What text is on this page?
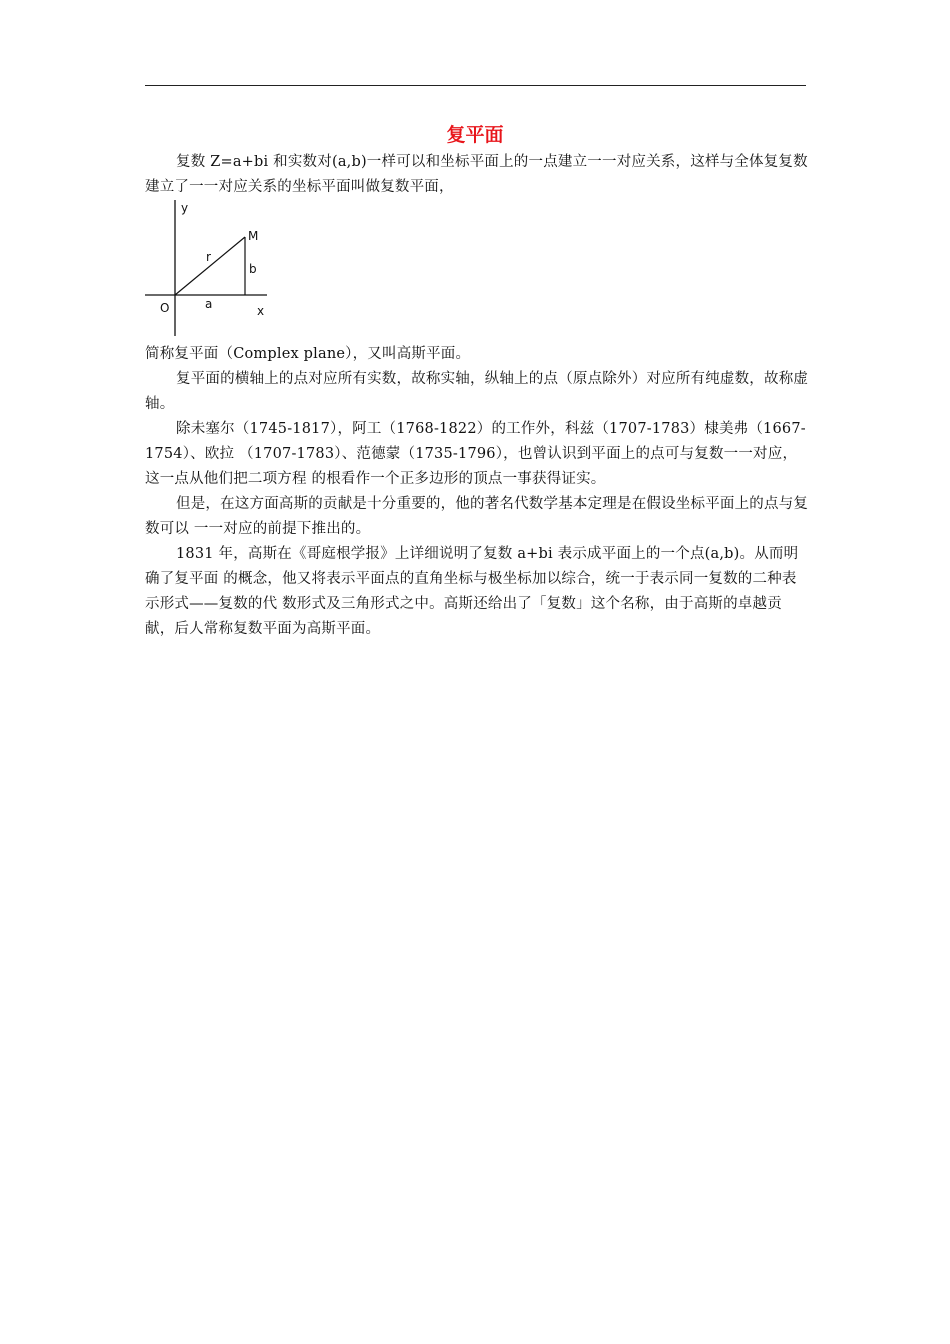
复平面

复数 Z=a+bi 和实数对(a,b)一样可以和坐标平面上的一点建立一一对应关系，这样与全体复复数建立了一一对应关系的坐标平面叫做复数平面，

y
x
O
M
r
a
b

简称复平面（Complex plane），又叫高斯平面。

复平面的横轴上的点对应所有实数，故称实轴，纵轴上的点（原点除外）对应所有纯虚数，故称虚轴。

除未塞尔（1745-1817），阿工（1768-1822）的工作外，科兹（1707-1783）棣美弗（1667-1754）、欧拉 （1707-1783）、范德蒙（1735-1796），也曾认识到平面上的点可与复数一一对应，这一点从他们把二项方程 的根看作一个正多边形的顶点一事获得证实。

但是，在这方面高斯的贡献是十分重要的，他的著名代数学基本定理是在假设坐标平面上的点与复数可以 一一对应的前提下推出的。

1831 年，高斯在《哥庭根学报》上详细说明了复数 a+bi 表示成平面上的一个点(a,b)。从而明确了复平面 的概念，他又将表示平面点的直角坐标与极坐标加以综合，统一于表示同一复数的二种表示形式——复数的代 数形式及三角形式之中。高斯还给出了「复数」这个名称，由于高斯的卓越贡献，后人常称复数平面为高斯平面。
